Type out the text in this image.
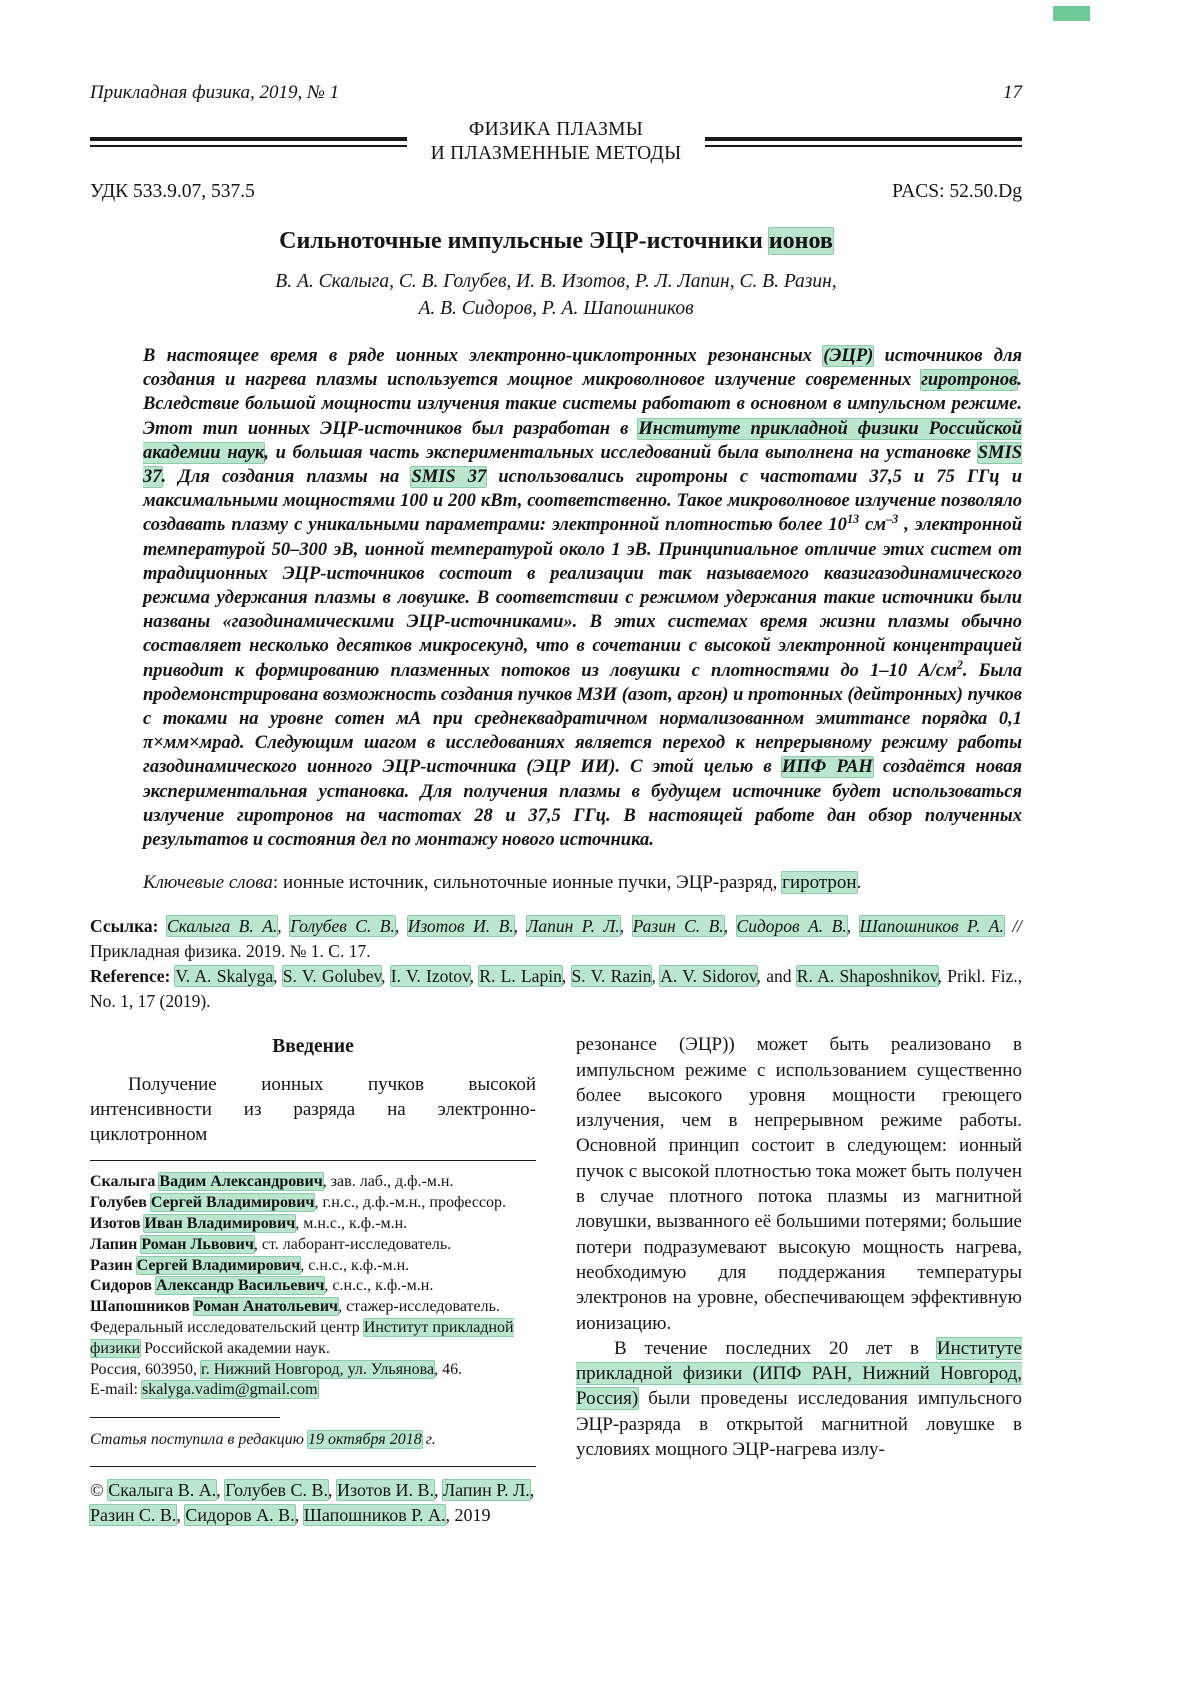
Прикладная физика, 2019, № 1	17
ФИЗИКА ПЛАЗМЫ
И ПЛАЗМЕННЫЕ МЕТОДЫ
УДК 533.9.07, 537.5	PACS: 52.50.Dg
Сильноточные импульсные ЭЦР-источники ионов
В. А. Скалыга, С. В. Голубев, И. В. Изотов, Р. Л. Лапин, С. В. Разин,
А. В. Сидоров, Р. А. Шапошников

В настоящее время в ряде ионных электронно-циклотронных резонансных (ЭЦР) источников для создания и нагрева плазмы используется мощное микроволновое излучение современных гиротронов. Вследствие большой мощности излучения такие системы работают в основном в импульсном режиме. Этот тип ионных ЭЦР-источников был разработан в Институте прикладной физики Российской академии наук, и большая часть экспериментальных исследований была выполнена на установке SMIS 37. Для создания плазмы на SMIS 37 использовались гиротроны с частотами 37,5 и 75 ГГц и максимальными мощностями 100 и 200 кВт, соответственно. Такое микроволновое излучение позволяло создавать плазму с уникальными параметрами: электронной плотностью более $10^{13}$ $см^{-3}$ , электронной температурой 50–300 эВ, ионной температурой около 1 эВ. Принципиальное отличие этих систем от традиционных ЭЦР-источников состоит в реализации так называемого квазигазодинамического режима удержания плазмы в ловушке. В соответствии с режимом удержания такие источники были названы «газодинамическими ЭЦР-источниками». В этих системах время жизни плазмы обычно составляет несколько десятков микросекунд, что в сочетании с высокой электронной концентрацией приводит к формированию плазменных потоков из ловушки с плотностями до 1–10 $А/см^2$. Была продемонстрирована возможность создания пучков МЗИ (азот, аргон) и протонных (дейтронных) пучков с токами на уровне сотен мА при среднеквадратичном нормализованном эмиттансе порядка 0,1 π×мм×мрад. Следующим шагом в исследованиях является переход к непрерывному режиму работы газодинамического ионного ЭЦР-источника (ЭЦР ИИ). С этой целью в ИПФ РАН создаётся новая экспериментальная установка. Для получения плазмы в будущем источнике будет использоваться излучение гиротронов на частотах 28 и 37,5 ГГц. В настоящей работе дан обзор полученных результатов и состояния дел по монтажу нового источника.

Ключевые слова: ионные источник, сильноточные ионные пучки, ЭЦР-разряд, гиротрон.

Ссылка: Скалыга В. А., Голубев С. В., Изотов И. В., Лапин Р. Л., Разин С. В., Сидоров А. В., Шапошников Р. А. // Прикладная физика. 2019. № 1. С. 17.

Reference: V. A. Skalyga, S. V. Golubev, I. V. Izotov, R. L. Lapin, S. V. Razin, A. V. Sidorov, and R. A. Shaposhnikov, Prikl. Fiz., No. 1, 17 (2019).

Введение

Получение ионных пучков высокой интенсивности из разряда на электронно-циклотронном

Скалыга Вадим Александрович, зав. лаб., д.ф.-м.н.
Голубев Сергей Владимирович, г.н.с., д.ф.-м.н., профессор.
Изотов Иван Владимирович, м.н.с., к.ф.-м.н.
Лапин Роман Львович, ст. лаборант-исследователь.
Разин Сергей Владимирович, с.н.с., к.ф.-м.н.
Сидоров Александр Васильевич, с.н.с., к.ф.-м.н.
Шапошников Роман Анатольевич, стажер-исследователь.
Федеральный исследовательский центр Институт прикладной физики Российской академии наук.
Россия, 603950, г. Нижний Новгород, ул. Ульянова, 46.
E-mail: skalyga.vadim@gmail.com

Статья поступила в редакцию 19 октября 2018 г.

© Скалыга В. А., Голубев С. В., Изотов И. В., Лапин Р. Л., Разин С. В., Сидоров А. В., Шапошников Р. А., 2019

резонансе (ЭЦР)) может быть реализовано в импульсном режиме с использованием существенно более высокого уровня мощности греющего излучения, чем в непрерывном режиме работы. Основной принцип состоит в следующем: ионный пучок с высокой плотностью тока может быть получен в случае плотного потока плазмы из магнитной ловушки, вызванного её большими потерями; большие потери подразумевают высокую мощность нагрева, необходимую для поддержания температуры электронов на уровне, обеспечивающем эффективную ионизацию.

В течение последних 20 лет в Институте прикладной физики (ИПФ РАН, Нижний Новгород, Россия) были проведены исследования импульсного ЭЦР-разряда в открытой магнитной ловушке в условиях мощного ЭЦР-нагрева излу-
